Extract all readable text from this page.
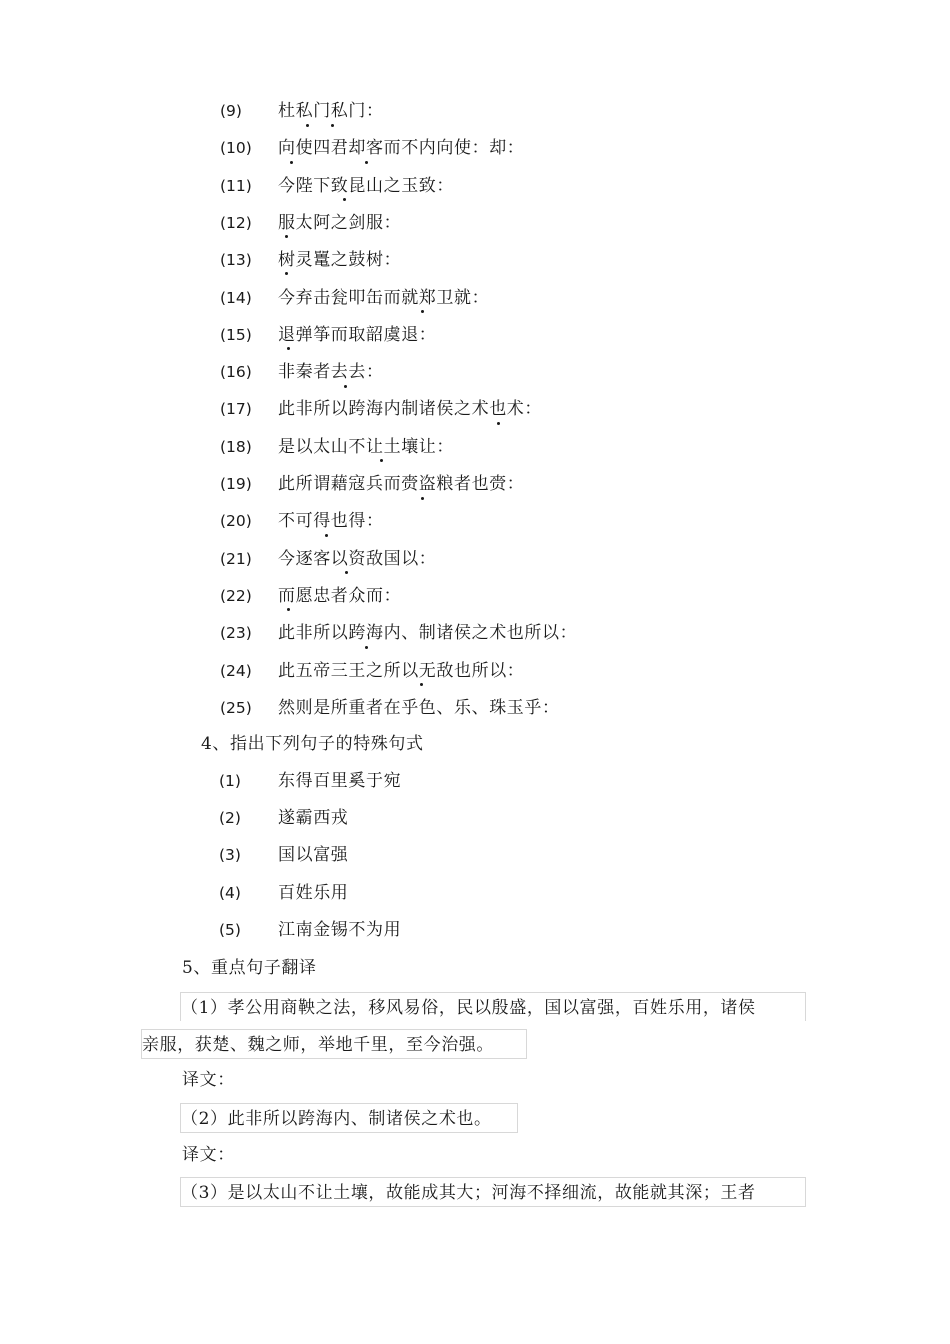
(9) 杜私门私门：
(10) 向使四君却客而不内向使：却：
(11) 今陛下致昆山之玉致：
(12) 服太阿之剑服：
(13) 树灵鼍之鼓树：
(14) 今弃击瓮叩缶而就郑卫就：
(15) 退弹筝而取韶虞退：
(16) 非秦者去去：
(17) 此非所以跨海内制诸侯之术也术：
(18) 是以太山不让土壤让：
(19) 此所谓藉寇兵而赍盗粮者也赍：
(20) 不可得也得：
(21) 今逐客以资敌国以：
(22) 而愿忠者众而：
(23) 此非所以跨海内、制诸侯之术也所以：
(24) 此五帝三王之所以无敌也所以：
(25) 然则是所重者在乎色、乐、珠玉乎：
4、指出下列句子的特殊句式
(1) 东得百里奚于宛
(2) 遂霸西戎
(3) 国以富强
(4) 百姓乐用
(5) 江南金锡不为用
5、重点句子翻译
（1）孝公用商鞅之法，移风易俗，民以殷盛，国以富强，百姓乐用，诸侯
亲服，获楚、魏之师，举地千里，至今治强。
译文：
（2）此非所以跨海内、制诸侯之术也。
译文：
（3）是以太山不让土壤，故能成其大；河海不择细流，故能就其深；王者
